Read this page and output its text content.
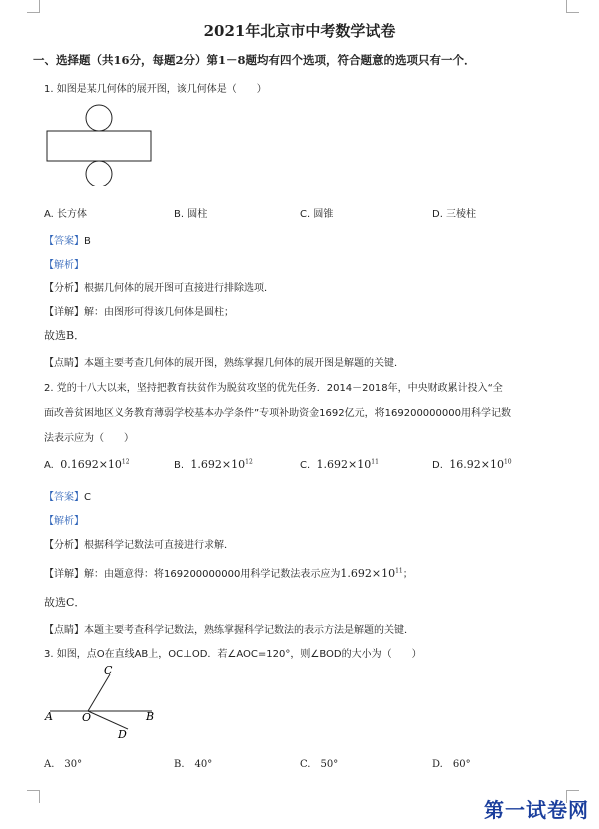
2021年北京市中考数学试卷
一、选择题（共16分，每题2分）第1－8题均有四个选项，符合题意的选项只有一个．
1. 如图是某几何体的展开图，该几何体是（　　）
A. 长方体	B. 圆柱	C. 圆锥	D. 三棱柱
【答案】B
【解析】
【分析】根据几何体的展开图可直接进行排除选项．
【详解】解：由图形可得该几何体是圆柱；
故选B．
【点睛】本题主要考查几何体的展开图，熟练掌握几何体的展开图是解题的关键．
2. 党的十八大以来，坚持把教育扶贫作为脱贫攻坚的优先任务．2014－2018年，中央财政累计投入“全
面改善贫困地区义务教育薄弱学校基本办学条件”专项补助资金1692亿元，将169200000000用科学记数
法表示应为（　　）
A. $0.1692\times 10^{12}$	B. $1.692\times 10^{12}$	C. $1.692\times 10^{11}$	D. $16.92\times 10^{10}$
【答案】C
【解析】
【分析】根据科学记数法可直接进行求解．
【详解】解：由题意得：将169200000000用科学记数法表示应为$1.692\times 10^{11}$；
故选C．
【点睛】本题主要考查科学记数法，熟练掌握科学记数法的表示方法是解题的关键．
3. 如图，点O在直线AB上，OC⊥OD．若∠AOC=120°，则∠BOD的大小为（　　）
A	B
C
D
O
A.　30°	B.　40°	C.　50°	D.　60°
第一试卷网
